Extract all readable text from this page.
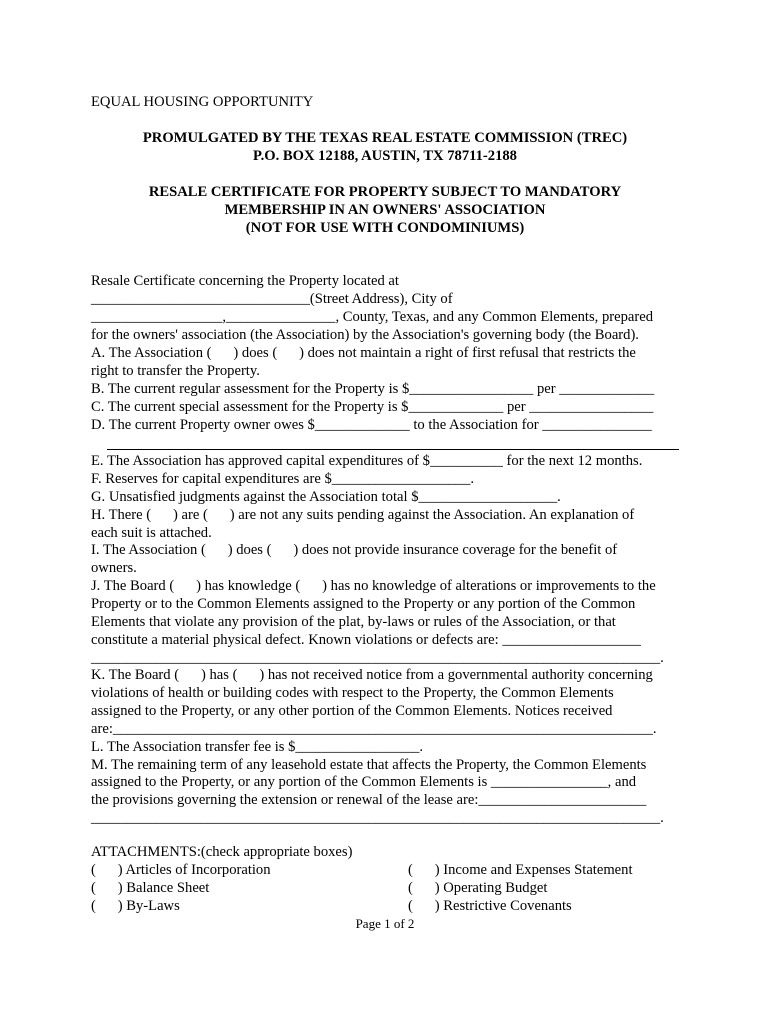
EQUAL HOUSING OPPORTUNITY
PROMULGATED BY THE TEXAS REAL ESTATE COMMISSION (TREC)
P.O. BOX 12188, AUSTIN, TX 78711-2188
RESALE CERTIFICATE FOR PROPERTY SUBJECT TO MANDATORY
MEMBERSHIP IN AN OWNERS' ASSOCIATION
(NOT FOR USE WITH CONDOMINIUMS)
Resale Certificate concerning the Property located at
______________________________(Street Address), City of
__________________,_______________, County, Texas, and any Common Elements, prepared
for the owners' association (the Association) by the Association's governing body (the Board).
A. The Association (      ) does (      ) does not maintain a right of first refusal that restricts the
right to transfer the Property.
B. The current regular assessment for the Property is $_________________ per _____________
C. The current special assessment for the Property is $_____________ per _________________
D. The current Property owner owes $_____________ to the Association for _______________
E. The Association has approved capital expenditures of $__________ for the next 12 months.
F. Reserves for capital expenditures are $___________________.
G. Unsatisfied judgments against the Association total $___________________.
H. There (      ) are (      ) are not any suits pending against the Association. An explanation of
each suit is attached.
I. The Association (      ) does (      ) does not provide insurance coverage for the benefit of
owners.
J. The Board (      ) has knowledge (      ) has no knowledge of alterations or improvements to the
Property or to the Common Elements assigned to the Property or any portion of the Common
Elements that violate any provision of the plat, by-laws or rules of the Association, or that
constitute a material physical defect. Known violations or defects are: ___________________
______________________________________________________________________________.
K. The Board (      ) has (      ) has not received notice from a governmental authority concerning
violations of health or building codes with respect to the Property, the Common Elements
assigned to the Property, or any other portion of the Common Elements. Notices received
are:__________________________________________________________________________.
L. The Association transfer fee is $_________________.
M. The remaining term of any leasehold estate that affects the Property, the Common Elements
assigned to the Property, or any portion of the Common Elements is ________________, and
the provisions governing the extension or renewal of the lease are:_______________________
______________________________________________________________________________.
ATTACHMENTS:(check appropriate boxes)
(      ) Articles of Incorporation
(      ) Balance Sheet
(      ) By-Laws
(      ) Income and Expenses Statement
(      ) Operating Budget
(      ) Restrictive Covenants
Page 1 of 2
